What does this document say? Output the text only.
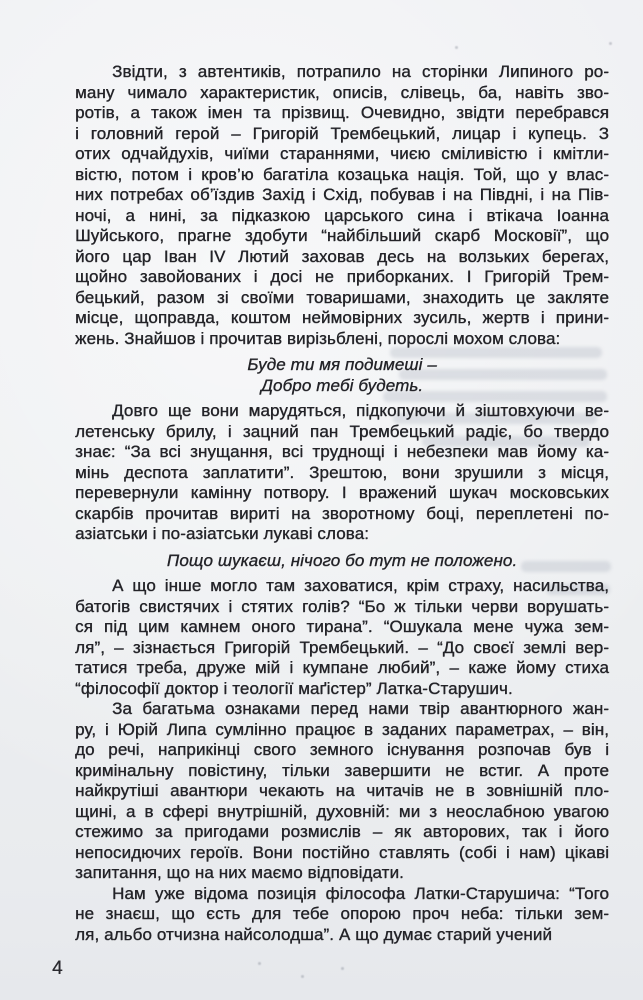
Звідти, з автентиків, потрапило на сторінки Липиного ро-
ману чимало характеристик, описів, слівець, ба, навіть зво-
ротів, а також імен та прізвищ. Очевидно, звідти перебрався
і головний герой – Григорій Трембецький, лицар і купець. З
отих одчайдухів, чиїми стараннями, чиєю сміливістю і кмітли-
вістю, потом і кров’ю багатіла козацька нація. Той, що у влас-
них потребах об’їздив Захід і Схід, побував і на Півдні, і на Пів-
ночі, а нині, за підказкою царського сина і втікача Іоанна
Шуйського, прагне здобути “найбільший скарб Московії”, що
його цар Іван IV Лютий заховав десь на волзьких берегах,
щойно завойованих і досі не приборканих. І Григорій Трем-
бецький, разом зі своїми товаришами, знаходить це закляте
місце, щоправда, коштом неймовірних зусиль, жертв і прини-
жень. Знайшов і прочитав вирізьблені, порослі мохом слова:
Буде ти мя подимеші –
Добро тебі будеть.
Довго ще вони марудяться, підкопуючи й зіштовхуючи ве-
летенську брилу, і зацний пан Трембецький радіє, бо твердо
знає: “За всі знущання, всі труднощі і небезпеки мав йому ка-
мінь деспота заплатити”. Зрештою, вони зрушили з місця,
перевернули камінну потвору. І вражений шукач московських
скарбів прочитав вириті на зворотному боці, переплетені по-
азіатськи і по-азіатськи лукаві слова:
Пощо шукаєш, нічого бо тут не положено.
А що інше могло там заховатися, крім страху, насильства,
батогів свистячих і стятих голів? “Бо ж тільки черви ворушать-
ся під цим камнем оного тирана”. “Ошукала мене чужа зем-
ля”, – зізнається Григорій Трембецький. – “До своєї землі вер-
татися треба, друже мій і кумпане любий”, – каже йому стиха
“філософії доктор і теології маґістер” Латка-Старушич.
За багатьма ознаками перед нами твір авантюрного жан-
ру, і Юрій Липа сумлінно працює в заданих параметрах, – він,
до речі, наприкінці свого земного існування розпочав був і
кримінальну повістину, тільки завершити не встиг. А проте
найкрутіші авантюри чекають на читачів не в зовнішній пло-
щині, а в сфері внутрішній, духовній: ми з неослабною увагою
стежимо за пригодами розмислів – як авторових, так і його
непосидючих героїв. Вони постійно ставлять (собі і нам) цікаві
запитання, що на них маємо відповідати.
Нам уже відома позиція філософа Латки-Старушича: “Того
не знаєш, що єсть для тебе опорою проч неба: тільки зем-
ля, альбо отчизна найсолодша”. А що думає старий учений
4
